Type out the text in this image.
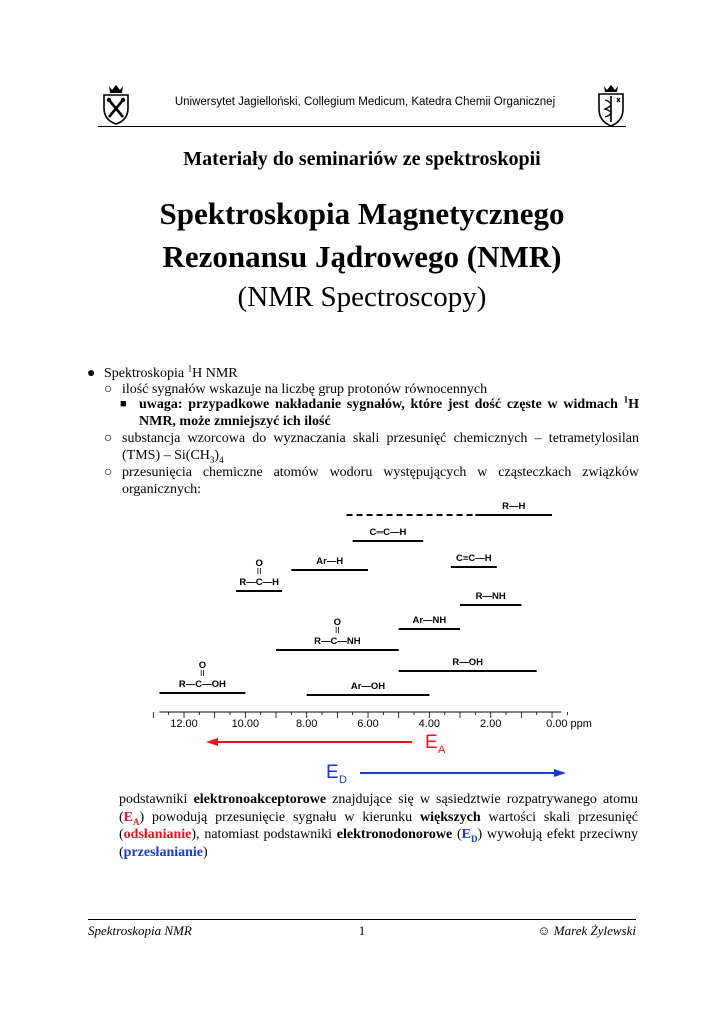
Uniwersytet Jagielloński, Collegium Medicum, Katedra Chemii Organicznej
Materiały do seminariów ze spektroskopii
Spektroskopia Magnetycznego
Rezonansu Jądrowego (NMR)
(NMR Spectroscopy)
● Spektroskopia $^1$H NMR
○ ilość sygnałów wskazuje na liczbę grup protonów równocennych
■ uwaga: przypadkowe nakładanie sygnałów, które jest dość częste w widmach $^1$H
NMR, może zmniejszyć ich ilość
○ substancja wzorcowa do wyznaczania skali przesunięć chemicznych – tetrametylosilan
$(TMS) - Si(CH_3)_4$
○ przesunięcia chemiczne atomów wodoru występujących w cząsteczkach związków
organicznych:
R—H
C═C—H
C≡C—H
Ar—H
R—C—H
O
R—NH
Ar—NH
R—C—NH
O
R—OH
R—C—OH
O
Ar—OH
12.00	10.00	8.00	6.00	4.00	2.00	0.00 ppm
E A
E D
podstawniki elektronoakceptorowe znajdujące się w sąsiedztwie rozpatrywanego atomu $(E_A)$ powodują przesunięcie sygnału w kierunku większych wartości skali przesunięć (odsłanianie), natomiast podstawniki elektronodonorowe $(E_D)$ wywołują efekt przeciwny (przesłanianie)
Spektroskopia NMR	1	☺ Marek Żylewski
